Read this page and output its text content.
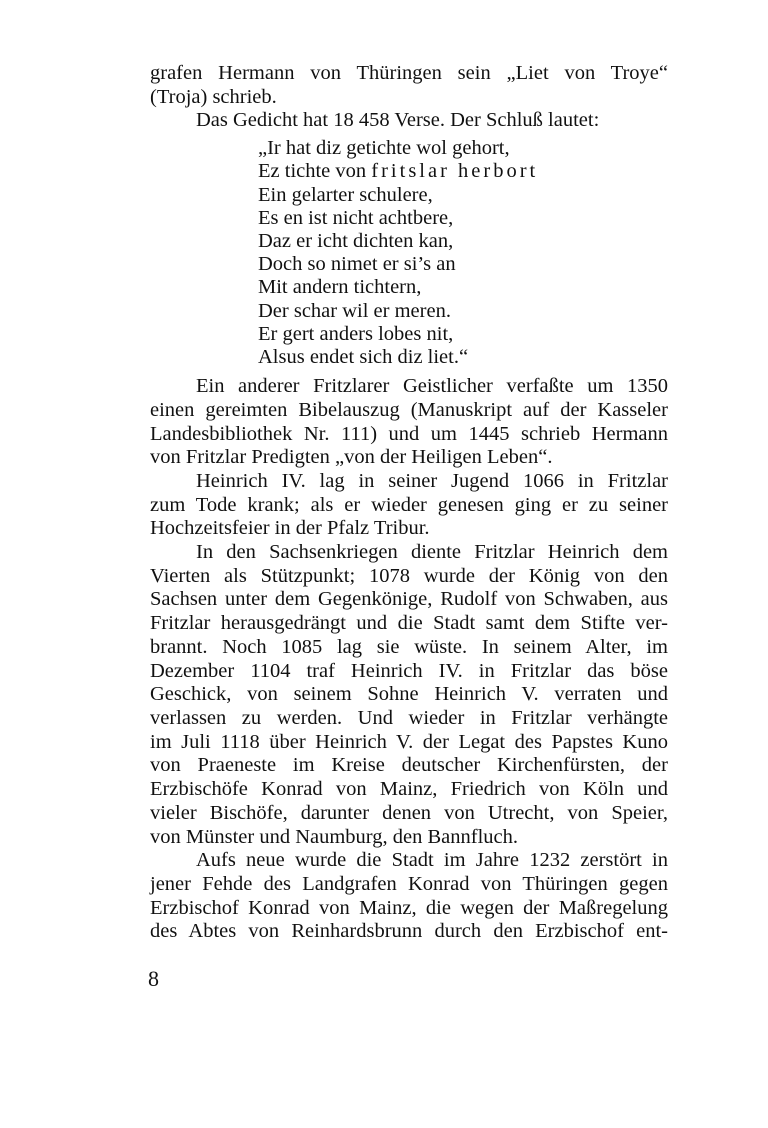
grafen Hermann von Thüringen sein „Liet von Troye“
(Troja) schrieb.
Das Gedicht hat 18 458 Verse. Der Schluß lautet:
„Ir hat diz getichte wol gehort,
Ez tichte von fritslar herbort
Ein gelarter schulere,
Es en ist nicht achtbere,
Daz er icht dichten kan,
Doch so nimet er si’s an
Mit andern tichtern,
Der schar wil er meren.
Er gert anders lobes nit,
Alsus endet sich diz liet.“
Ein anderer Fritzlarer Geistlicher verfaßte um 1350
einen gereimten Bibelauszug (Manuskript auf der Kasseler
Landesbibliothek Nr. 111) und um 1445 schrieb Hermann
von Fritzlar Predigten „von der Heiligen Leben“.
Heinrich IV. lag in seiner Jugend 1066 in Fritzlar
zum Tode krank; als er wieder genesen ging er zu seiner
Hochzeitsfeier in der Pfalz Tribur.
In den Sachsenkriegen diente Fritzlar Heinrich dem
Vierten als Stützpunkt; 1078 wurde der König von den
Sachsen unter dem Gegenkönige, Rudolf von Schwaben, aus
Fritzlar herausgedrängt und die Stadt samt dem Stifte ver-
brannt. Noch 1085 lag sie wüste. In seinem Alter, im
Dezember 1104 traf Heinrich IV. in Fritzlar das böse
Geschick, von seinem Sohne Heinrich V. verraten und
verlassen zu werden. Und wieder in Fritzlar verhängte
im Juli 1118 über Heinrich V. der Legat des Papstes Kuno
von Praeneste im Kreise deutscher Kirchenfürsten, der
Erzbischöfe Konrad von Mainz, Friedrich von Köln und
vieler Bischöfe, darunter denen von Utrecht, von Speier,
von Münster und Naumburg, den Bannfluch.
Aufs neue wurde die Stadt im Jahre 1232 zerstört in
jener Fehde des Landgrafen Konrad von Thüringen gegen
Erzbischof Konrad von Mainz, die wegen der Maßregelung
des Abtes von Reinhardsbrunn durch den Erzbischof ent-
8
